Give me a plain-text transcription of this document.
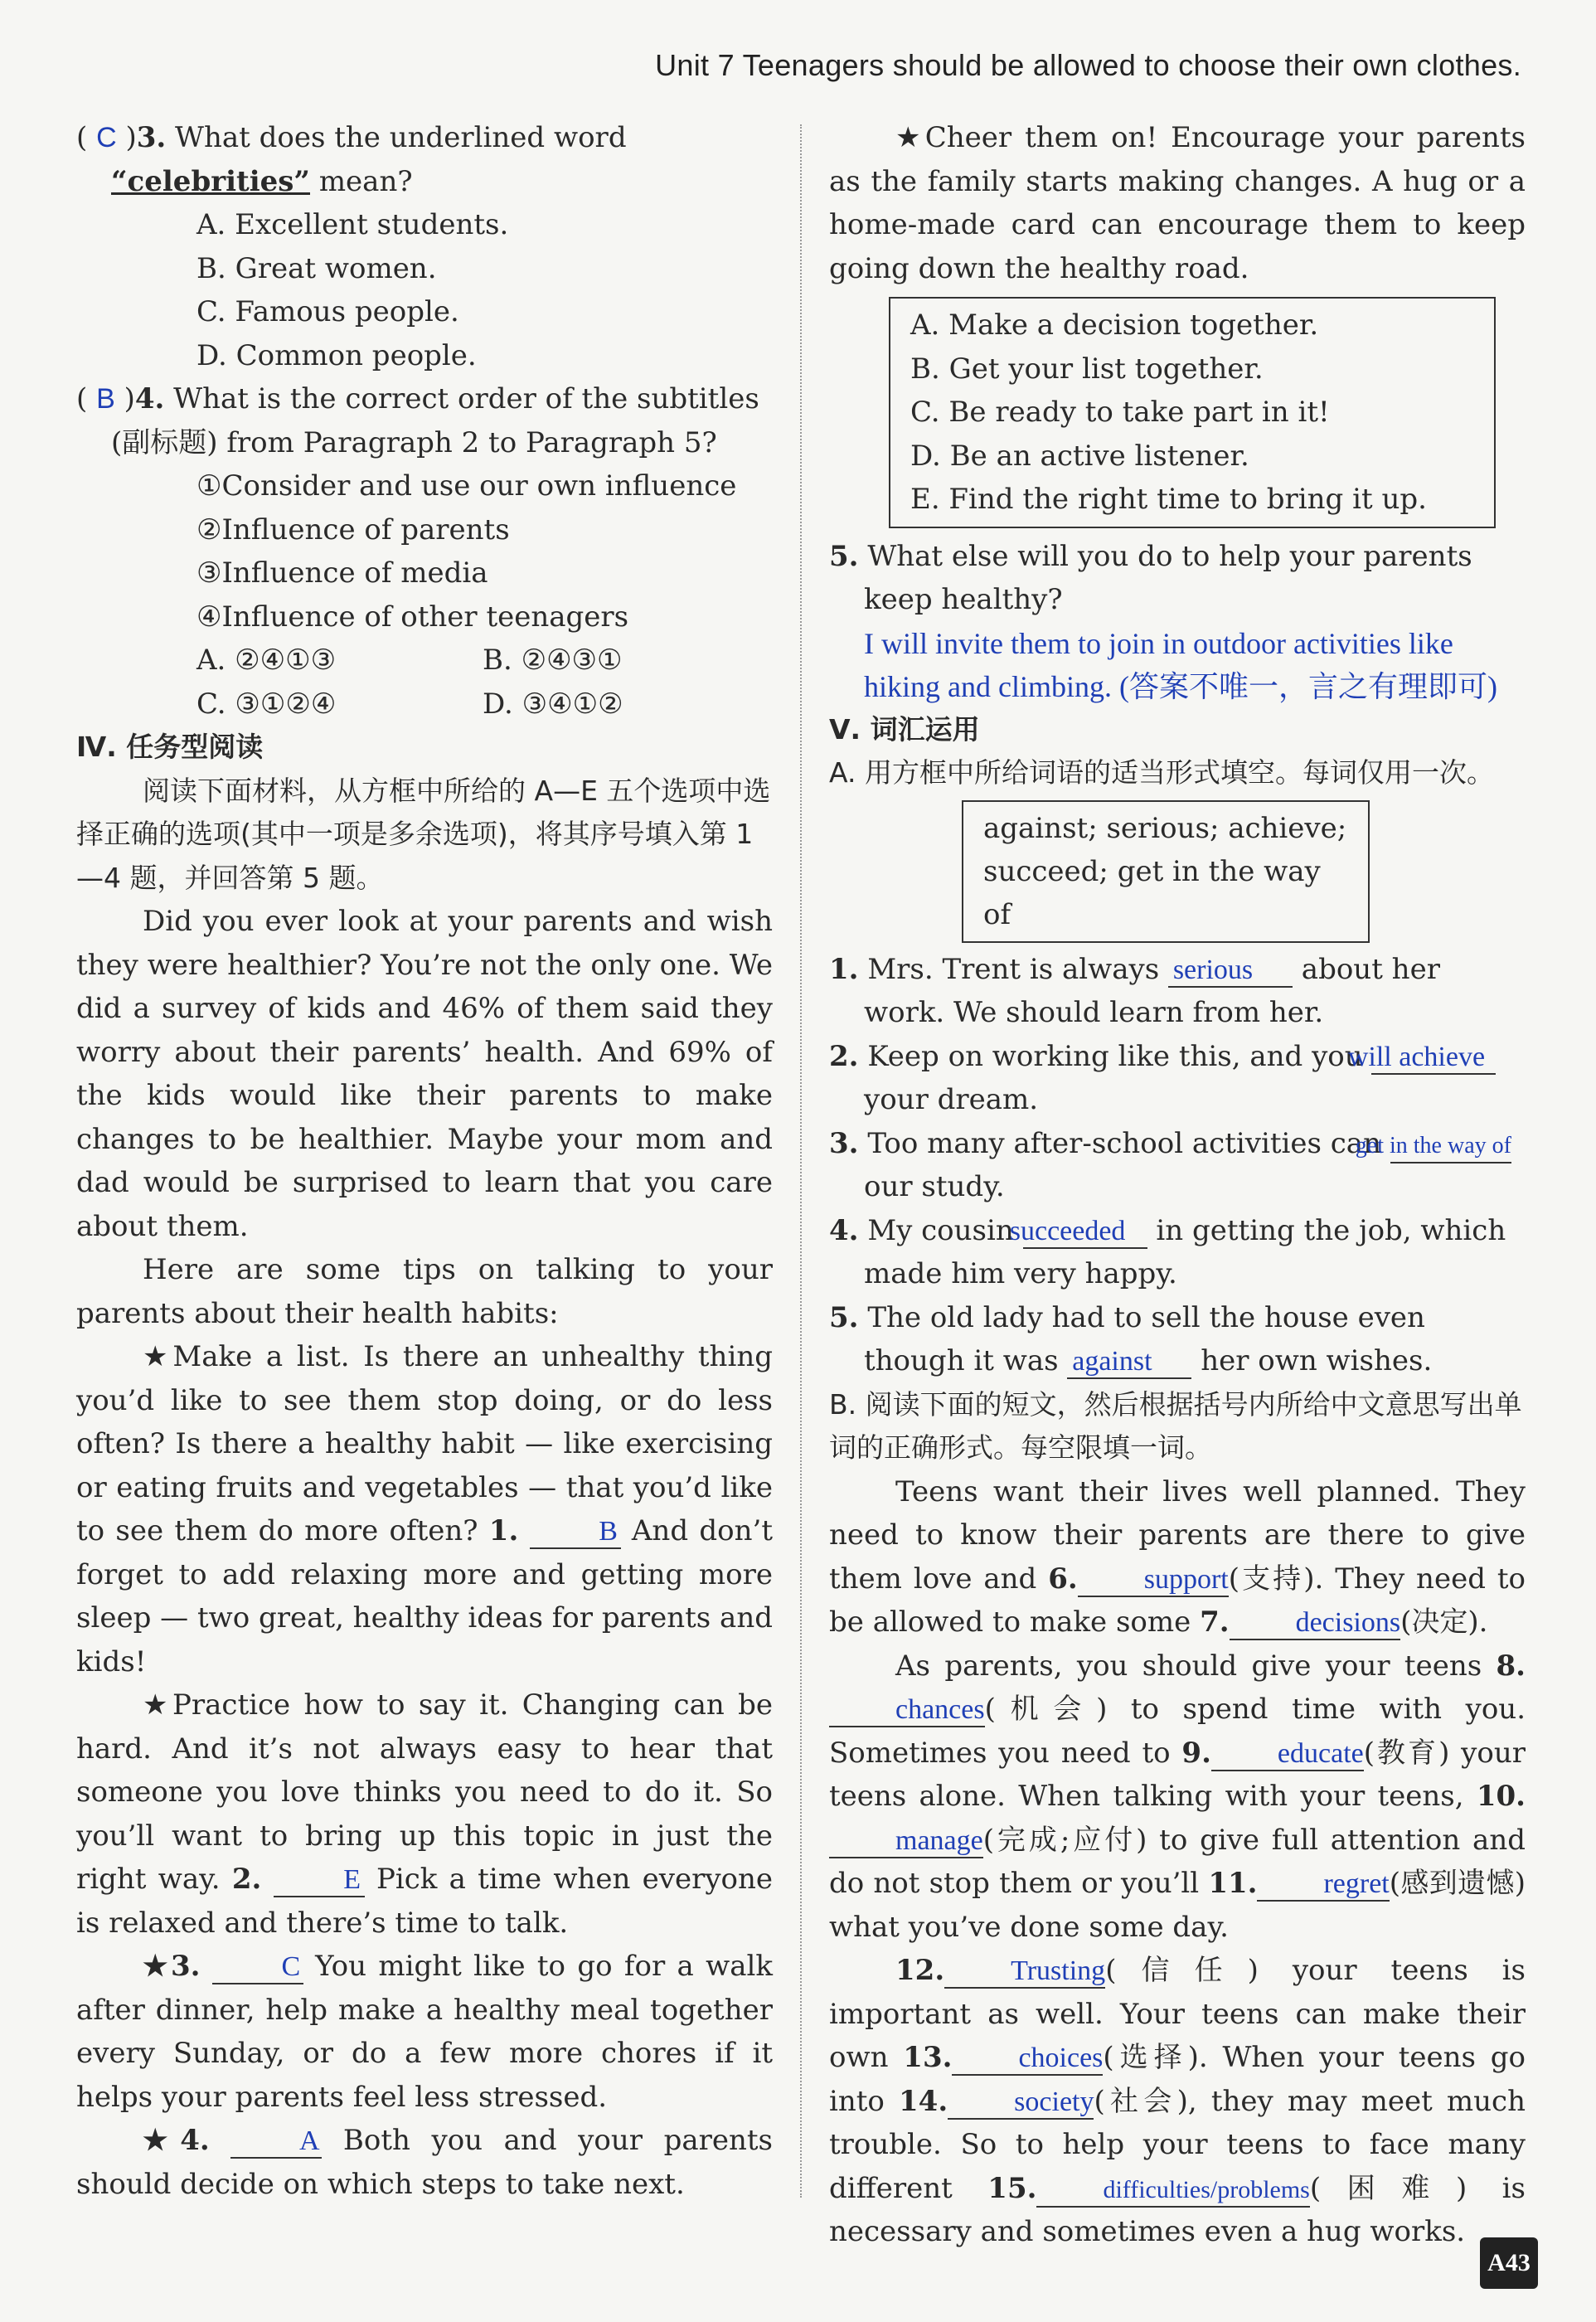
Unit 7 Teenagers should be allowed to choose their own clothes.

( C )3. What does the underlined word “celebrities” mean?

A. Excellent students.

B. Great women.

C. Famous people.

D. Common people.

( B )4. What is the correct order of the subtitles (副标题) from Paragraph 2 to Paragraph 5?

①Consider and use our own influence

②Influence of parents

③Influence of media

④Influence of other teenagers

A. ②④①③	B. ②④③①

C. ③①②④	D. ③④①②

Ⅳ. 任务型阅读

阅读下面材料，从方框中所给的 A—E 五个选项中选择正确的选项(其中一项是多余选项)，将其序号填入第 1—4 题，并回答第 5 题。

Did you ever look at your parents and wish they were healthier? You’re not the only one. We did a survey of kids and 46% of them said they worry about their parents’ health. And 69% of the kids would like their parents to make changes to be healthier. Maybe your mom and dad would be surprised to learn that you care about them.

Here are some tips on talking to your parents about their health habits:

★Make a list. Is there an unhealthy thing you’d like to see them stop doing, or do less often? Is there a healthy habit — like exercising or eating fruits and vegetables — that you’d like to see them do more often? 1.	B And don’t forget to add relaxing more and getting more sleep — two great, healthy ideas for parents and kids!

★Practice how to say it. Changing can be hard. And it’s not always easy to hear that someone you love thinks you need to do it. So you’ll want to bring up this topic in just the right way. 2.	E Pick a time when everyone is relaxed and there’s time to talk.

★3.	C You might like to go for a walk after dinner, help make a healthy meal together every Sunday, or do a few more chores if it helps your parents feel less stressed.

★4.	A Both you and your parents should decide on which steps to take next.

★Cheer them on! Encourage your parents as the family starts making changes. A hug or a home-made card can encourage them to keep going down the healthy road.

A. Make a decision together.
B. Get your list together.
C. Be ready to take part in it!
D. Be an active listener.
E. Find the right time to bring it up.

5. What else will you do to help your parents keep healthy?

I will invite them to join in outdoor activities like hiking and climbing. (答案不唯一，言之有理即可)

Ⅴ. 词汇运用

A. 用方框中所给词语的适当形式填空。每词仅用一次。

against; serious; achieve;
succeed; get in the way of

1. Mrs. Trent is always serious about her work. We should learn from her.

2. Keep on working like this, and you will achieve your dream.

3. Too many after-school activities can get in the way of our study.

4. My cousin succeeded in getting the job, which made him very happy.

5. The old lady had to sell the house even though it was against her own wishes.

B. 阅读下面的短文，然后根据括号内所给中文意思写出单词的正确形式。每空限填一词。

Teens want their lives well planned. They need to know their parents are there to give them love and 6. support(支持). They need to be allowed to make some 7. decisions(决定).

As parents, you should give your teens 8.chances(机会) to spend time with you. Sometimes you need to 9. educate(教育) your teens alone. When talking with your teens, 10.manage(完成;应付) to give full attention and do not stop them or you’ll 11. regret(感到遗憾) what you’ve done some day.

12. Trusting(信任) your teens is important as well. Your teens can make their own 13. choices(选择). When your teens go into 14. society(社会), they may meet much trouble. So to help your teens to face many different 15.	difficulties/problems(困难) is necessary and sometimes even a hug works.

A43
